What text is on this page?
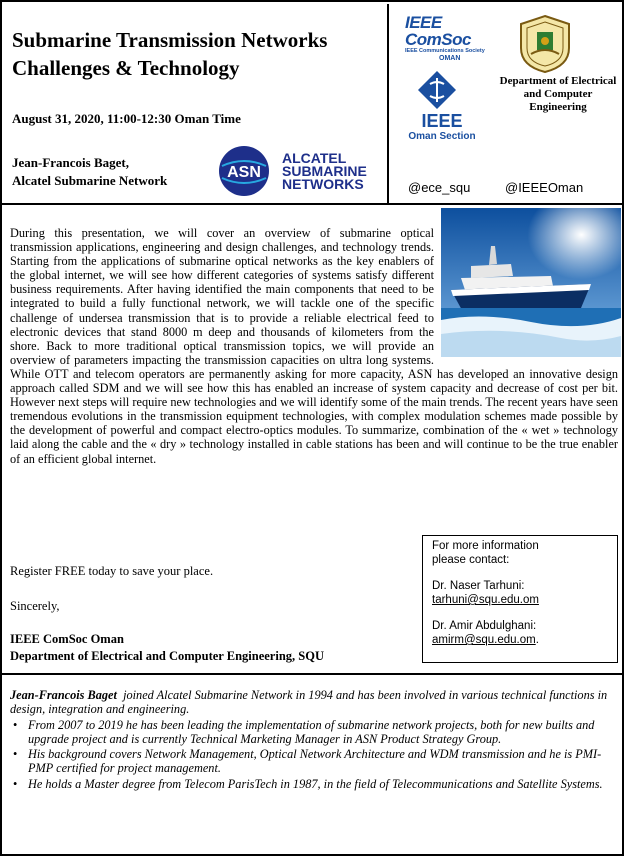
Submarine Transmission Networks
Challenges & Technology
August 31, 2020, 11:00-12:30 Oman Time
Jean-Francois Baget,
Alcatel Submarine Network	ASN
ALCATEL
SUBMARINE
NETWORKS
IEEE ComSoc
IEEE Communications Society
OMAN
IEEE
Oman Section
Department of Electrical and Computer Engineering
@ece_squ	@IEEEOman
During this presentation, we will cover an overview of submarine optical transmission applications, engineering and design challenges, and technology trends. Starting from the applications of submarine optical networks as the key enablers of the global internet, we will see how different categories of systems satisfy different business requirements. After having identified the main components that need to be integrated to build a fully functional network, we will tackle one of the specific challenge of undersea transmission that is to provide a reliable electrical feed to electronic devices that stand 8000 m deep and thousands of kilometers from the shore. Back to more traditional optical transmission topics, we will provide an overview of parameters impacting the transmission capacities on ultra long systems. While OTT and telecom operators are permanently asking for more capacity, ASN has developed an innovative design approach called SDM and we will see how this has enabled an increase of system capacity and decrease of cost per bit. However next steps will require new technologies and we will identify some of the main trends. The recent years have seen tremendous evolutions in the transmission equipment technologies, with complex modulation schemes made possible by the development of powerful and compact electro-optics modules. To summarize, combination of the « wet » technology laid along the cable and the « dry » technology installed in cable stations has been and will continue to be the true enabler of an efficient global internet.
Register FREE today to save your place.
Sincerely,
IEEE ComSoc Oman
Department of Electrical and Computer Engineering, SQU
For more information
please contact:
Dr. Naser Tarhuni:
tarhuni@squ.edu.om
Dr. Amir Abdulghani:
amirm@squ.edu.om.
Jean-Francois Baget joined Alcatel Submarine Network in 1994 and has been involved in various technical functions in design, integration and engineering.
• From 2007 to 2019 he has been leading the implementation of submarine network projects, both for new builts and upgrade project and is currently Technical Marketing Manager in ASN Product Strategy Group.
• His background covers Network Management, Optical Network Architecture and WDM transmission and he is PMI-PMP certified for project management.
• He holds a Master degree from Telecom ParisTech in 1987, in the field of Telecommunications and Satellite Systems.
